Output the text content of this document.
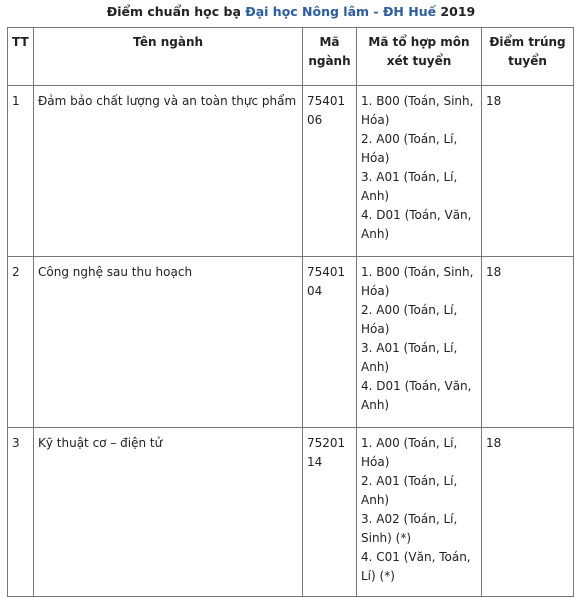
Điểm chuẩn học bạ Đại học Nông lâm - ĐH Huế 2019
TT	Tên ngành	Mã ngành	Mã tổ hợp môn xét tuyển	Điểm trúng tuyển
1	Đảm bảo chất lượng và an toàn thực phẩm	7540106	1. B00 (Toán, Sinh, Hóa)
2. A00 (Toán, Lí, Hóa)
3. A01 (Toán, Lí, Anh)
4. D01 (Toán, Văn, Anh)	18
2	Công nghệ sau thu hoạch	7540104	1. B00 (Toán, Sinh, Hóa)
2. A00 (Toán, Lí, Hóa)
3. A01 (Toán, Lí, Anh)
4. D01 (Toán, Văn, Anh)	18
3	Kỹ thuật cơ – điện tử	7520114	1. A00 (Toán, Lí, Hóa)
2. A01 (Toán, Lí, Anh)
3. A02 (Toán, Lí, Sinh) (*)
4. C01 (Văn, Toán, Lí) (*)	18
